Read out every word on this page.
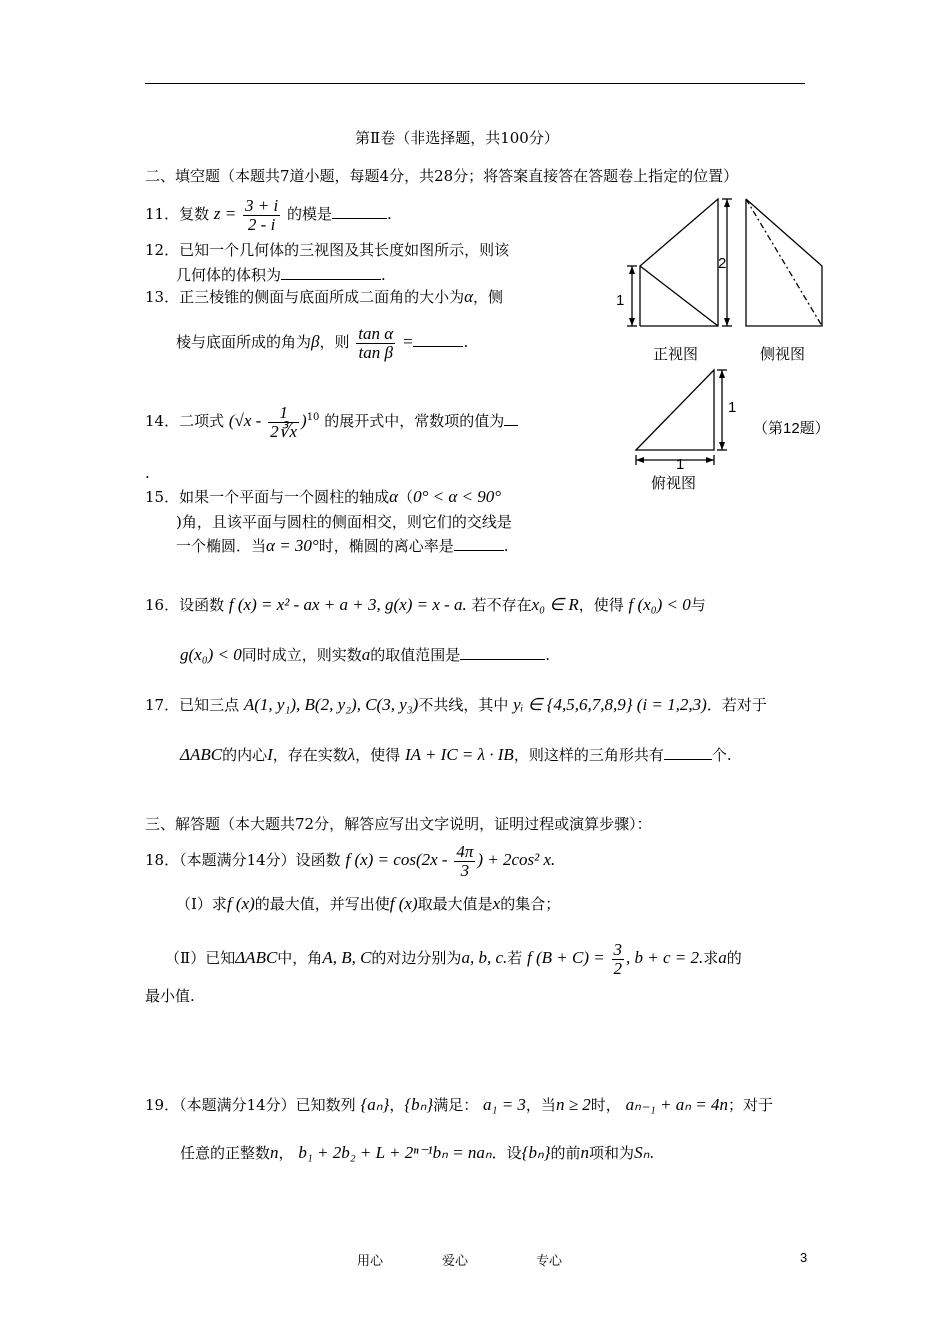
第Ⅱ卷（非选择题，共100分）
二、填空题（本题共7道小题，每题4分，共28分；将答案直接答在答题卷上指定的位置）
11．复数 $z = \frac{3 + i}{2 - i}$ 的模是	.
12．已知一个几何体的三视图及其长度如图所示，则该
几何体的体积为	.
13．正三棱锥的侧面与底面所成二面角的大小为α，侧
棱与底面所成的角为β，则 $\frac{\text{tan α}}{\text{tan β}}$ =	.
14．二项式 $(√x - \frac{1}{2∛x} )^{10}$ 的展开式中，常数项的值为
.
15．如果一个平面与一个圆柱的轴成α（0° < α < 90°
)角，且该平面与圆柱的侧面相交，则它们的交线是
一个椭圆．当α = 30°时，椭圆的离心率是	.
16．设函数 f (x) = x² - ax + a + 3, g(x) = x - a. 若不存在x₀ ∈ R，使得 f (x₀) < 0与
g(x₀) < 0同时成立，则实数a的取值范围是	.
17．已知三点 A(1, y₁), B(2, y₂), C(3, y₃)不共线，其中 yᵢ ∈ {4,5,6,7,8,9} (i = 1,2,3)．若对于
ΔABC的内心I，存在实数λ，使得 IA + IC = λ · IB，则这样的三角形共有	个.
三、解答题（本大题共72分，解答应写出文字说明，证明过程或演算步骤）：
18．（本题满分14分）设函数 f $(x) = \cos(2x - \frac{4\pi}{3}$ ) + 2cos² x.
（Ⅰ）求f (x)的最大值，并写出使f (x)取最大值是x的集合；
（Ⅱ）已知ΔABC中，角A, B, C的对边分别为a, b, c.若 f $(B + C) = \frac{3}{2}$ , b + c = 2.求a的
最小值.
19．（本题满分14分）已知数列 {aₙ}，{bₙ}满足： a₁ = 3，当n ≥ 2时， aₙ₋₁ + aₙ = 4n；对于
任意的正整数n， b₁ + 2b₂ + L + 2ⁿ⁻¹bₙ = naₙ．设{bₙ}的前n项和为Sₙ.
1
2
正视图	侧视图
1
（第12题）
1
俯视图
用心	爱心	专心	3
